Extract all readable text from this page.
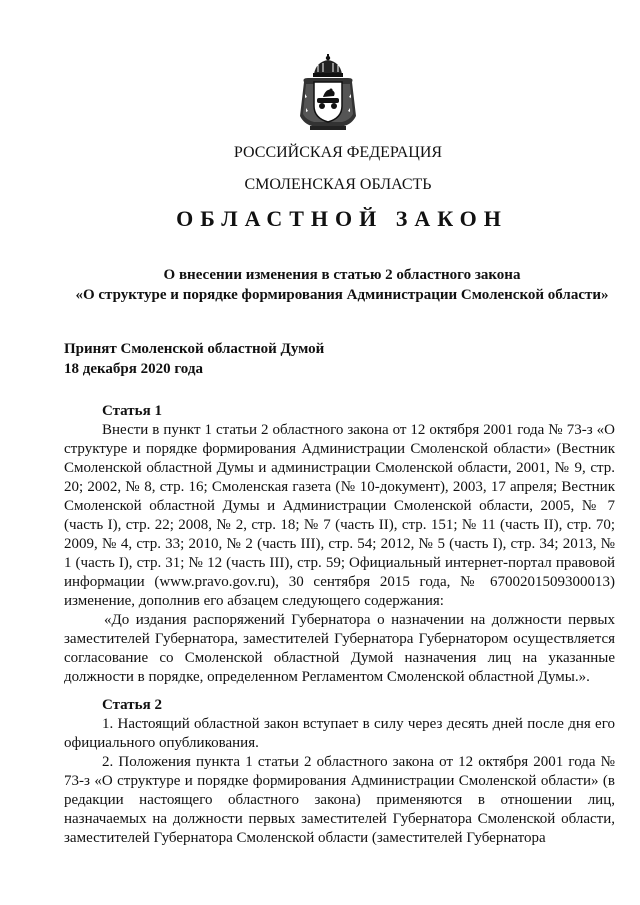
РОССИЙСКАЯ ФЕДЕРАЦИЯ
СМОЛЕНСКАЯ ОБЛАСТЬ
ОБЛАСТНОЙ ЗАКОН
О внесении изменения в статью 2 областного закона
«О структуре и порядке формирования Администрации Смоленской области»
Принят Смоленской областной Думой
18 декабря 2020 года

Статья 1

Внести в пункт 1 статьи 2 областного закона от 12 октября 2001 года № 73-з «О структуре и порядке формирования Администрации Смоленской области» (Вестник Смоленской областной Думы и администрации Смоленской области, 2001, № 9, стр. 20; 2002, № 8, стр. 16; Смоленская газета (№ 10-документ), 2003, 17 апреля; Вестник Смоленской областной Думы и Администрации Смоленской области, 2005, № 7 (часть I), стр. 22; 2008, № 2, стр. 18; № 7 (часть II), стр. 151; № 11 (часть II), стр. 70; 2009, № 4, стр. 33; 2010, № 2 (часть III), стр. 54; 2012, № 5 (часть I), стр. 34; 2013, № 1 (часть I), стр. 31; № 12 (часть III), стр. 59; Официальный интернет-портал правовой информации (www.pravo.gov.ru), 30 сентября 2015 года, № 6700201509300013) изменение, дополнив его абзацем следующего содержания:

«До издания распоряжений Губернатора о назначении на должности первых заместителей Губернатора, заместителей Губернатора Губернатором осуществляется согласование со Смоленской областной Думой назначения лиц на указанные должности в порядке, определенном Регламентом Смоленской областной Думы.».

Статья 2

1. Настоящий областной закон вступает в силу через десять дней после дня его официального опубликования.

2. Положения пункта 1 статьи 2 областного закона от 12 октября 2001 года № 73-з «О структуре и порядке формирования Администрации Смоленской области» (в редакции настоящего областного закона) применяются в отношении лиц, назначаемых на должности первых заместителей Губернатора Смоленской области, заместителей Губернатора Смоленской области (заместителей Губернатора
